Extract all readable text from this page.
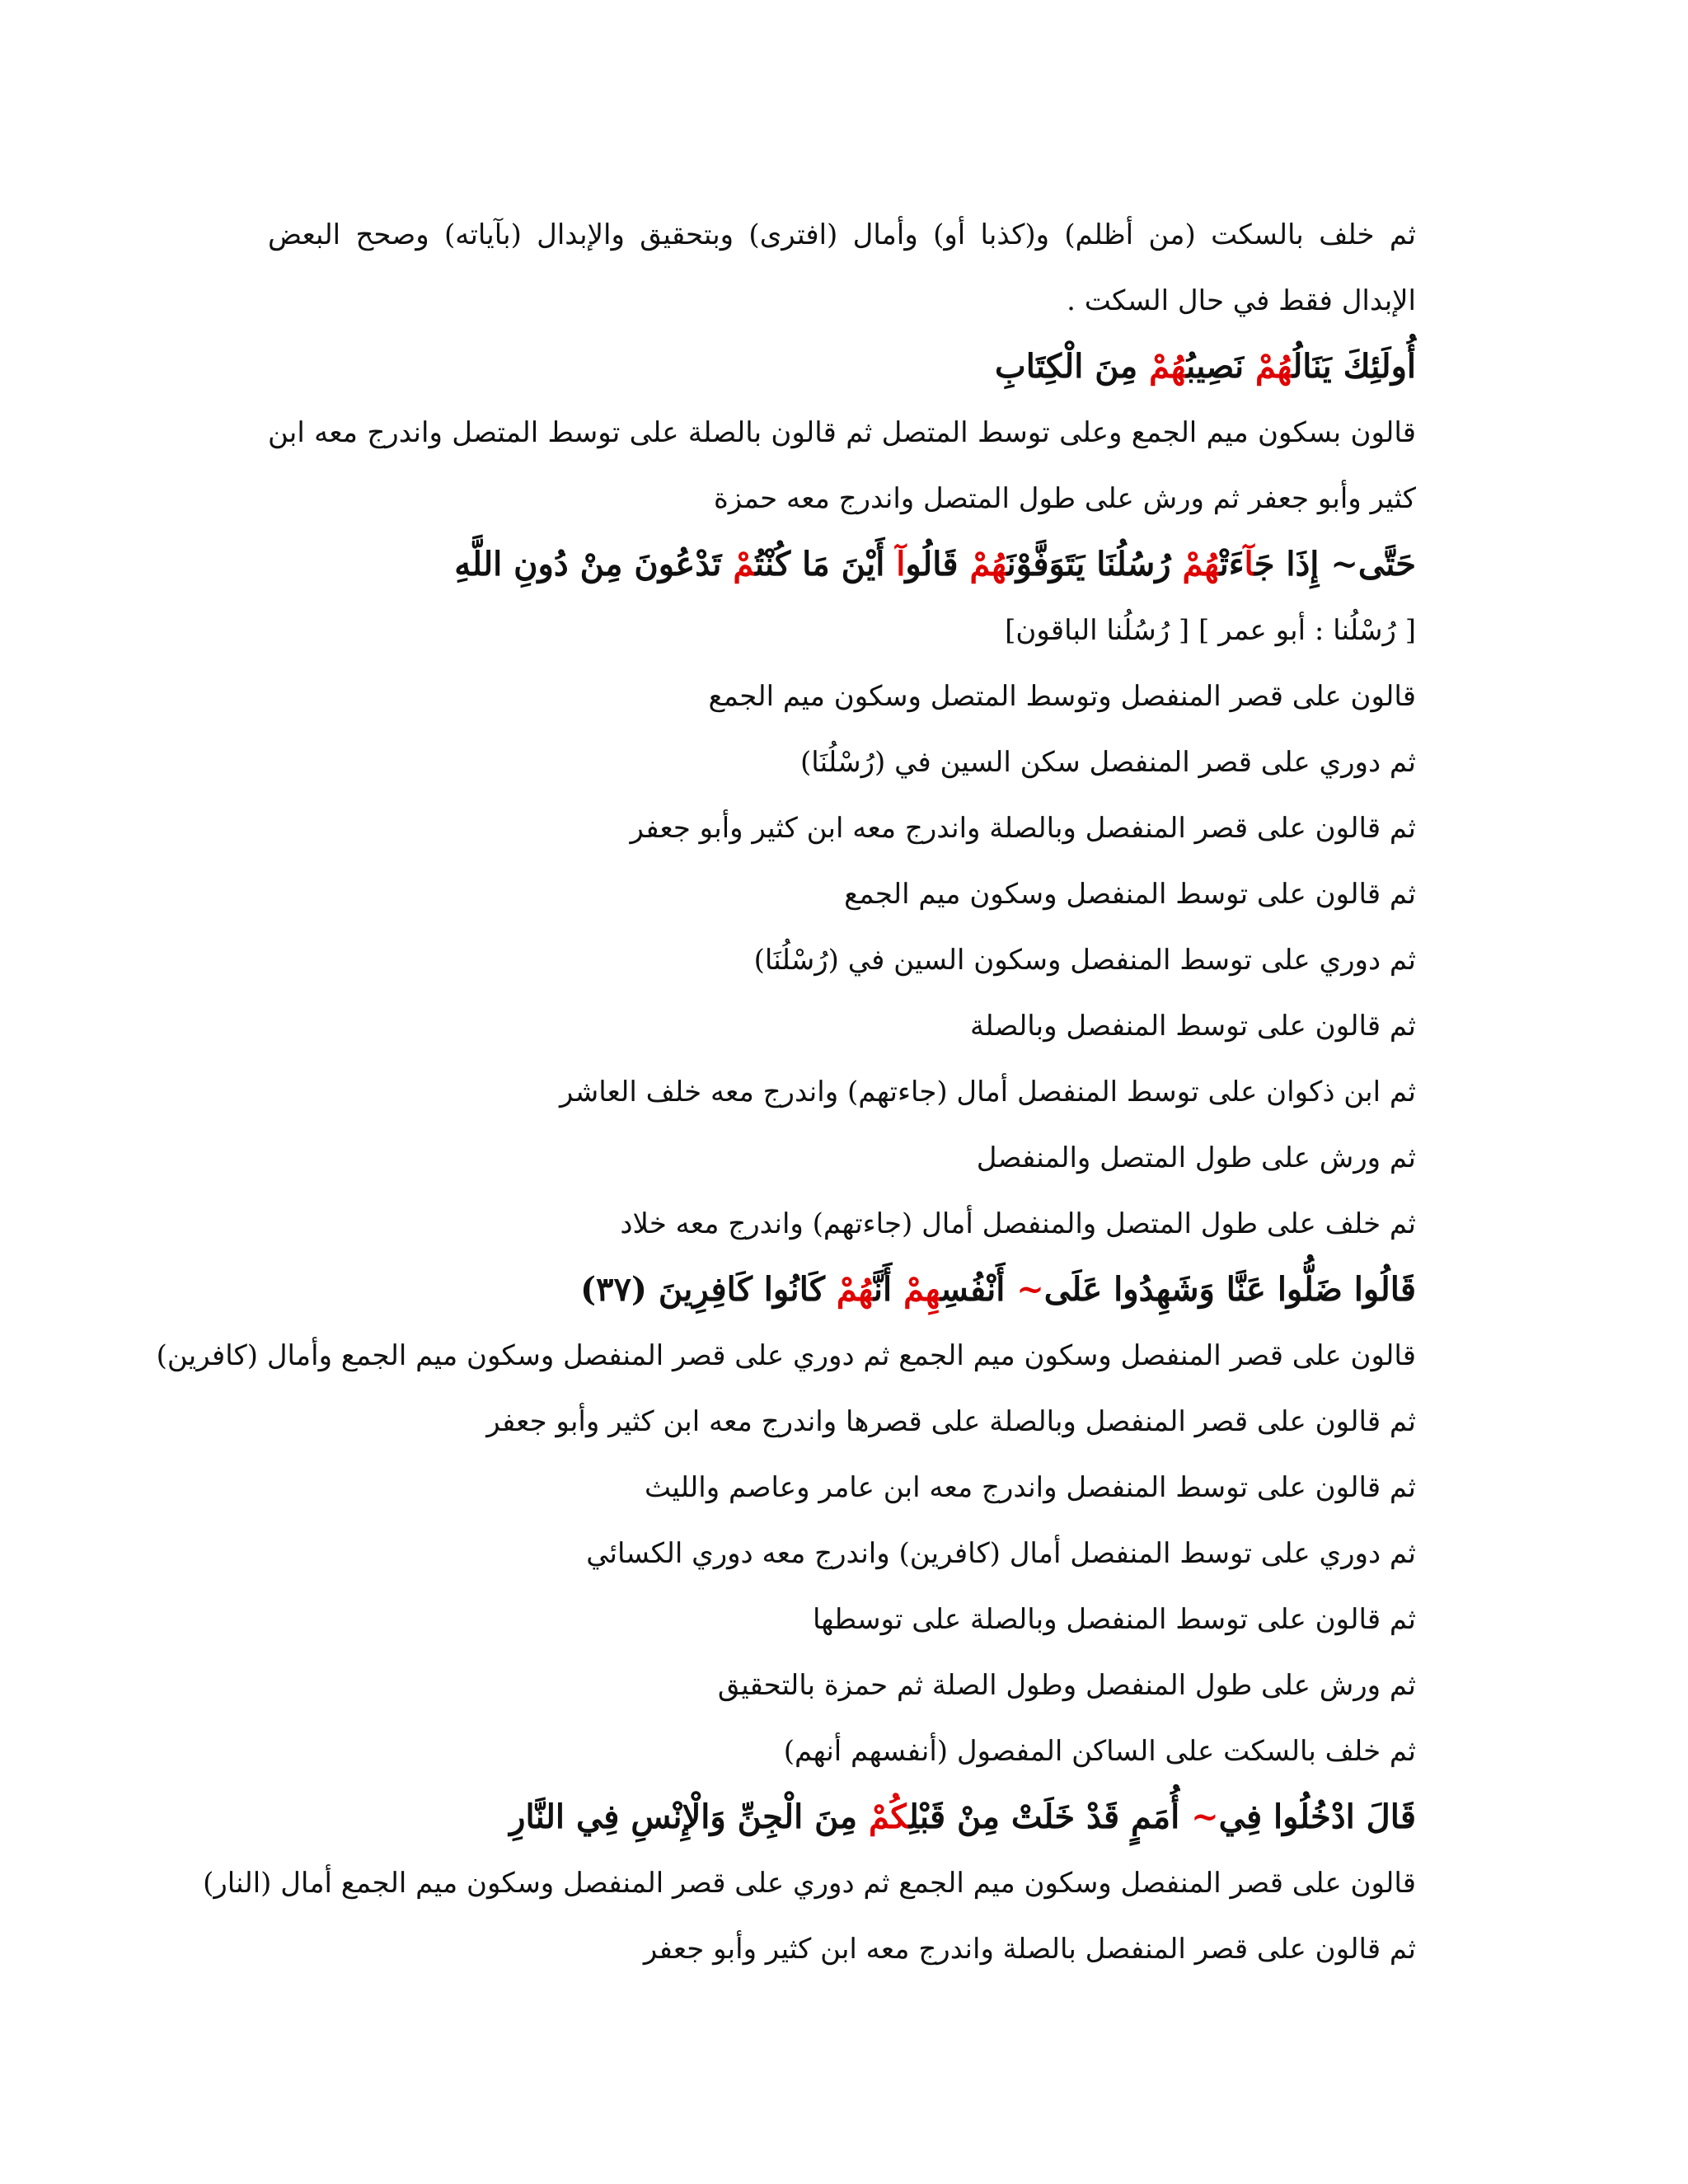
ثم خلف بالسكت (من أظلم) و(كذبا أو) وأمال (افترى) وبتحقيق والإبدال (بآياته) وصحح البعض الإبدال فقط في حال السكت .
أُولَئِكَ يَنَالُهُمْ نَصِيبُهُمْ مِنَ الْكِتَابِ
قالون بسكون ميم الجمع وعلى توسط المتصل ثم قالون بالصلة على توسط المتصل واندرج معه ابن كثير وأبو جعفر ثم ورش على طول المتصل واندرج معه حمزة
حَتَّى~ إِذَا جَآءَتْهُمْ رُسُلُنَا يَتَوَفَّوْنَهُمْ قَالُوآ أَيْنَ مَا كُنْتُمْ تَدْعُونَ مِنْ دُونِ اللَّهِ
[ رُسْلُنا : أبو عمر ] [ رُسُلُنا الباقون]
قالون على قصر المنفصل وتوسط المتصل وسكون ميم الجمع
ثم دوري على قصر المنفصل سكن السين في (رُسْلُنَا)
ثم قالون على قصر المنفصل وبالصلة واندرج معه ابن كثير وأبو جعفر
ثم قالون على توسط المنفصل وسكون ميم الجمع
ثم دوري على توسط المنفصل وسكون السين في (رُسْلُنَا)
ثم قالون على توسط المنفصل وبالصلة
ثم ابن ذكوان على توسط المنفصل أمال (جاءتهم) واندرج معه خلف العاشر
ثم ورش على طول المتصل والمنفصل
ثم خلف على طول المتصل والمنفصل أمال (جاءتهم) واندرج معه خلاد
قَالُوا ضَلُّوا عَنَّا وَشَهِدُوا عَلَى~ أَنْفُسِهِمْ أَنَّهُمْ كَانُوا كَافِرِينَ (٣٧)
قالون على قصر المنفصل وسكون ميم الجمع ثم دوري على قصر المنفصل وسكون ميم الجمع وأمال (كافرين)
ثم قالون على قصر المنفصل وبالصلة على قصرها واندرج معه ابن كثير وأبو جعفر
ثم قالون على توسط المنفصل واندرج معه ابن عامر وعاصم والليث
ثم دوري على توسط المنفصل أمال (كافرين) واندرج معه دوري الكسائي
ثم قالون على توسط المنفصل وبالصلة على توسطها
ثم ورش على طول المنفصل وطول الصلة ثم حمزة بالتحقيق
ثم خلف بالسكت على الساكن المفصول (أنفسهم أنهم)
قَالَ ادْخُلُوا فِي~ أُمَمٍ قَدْ خَلَتْ مِنْ قَبْلِكُمْ مِنَ الْجِنِّ وَالْإِنْسِ فِي النَّارِ
قالون على قصر المنفصل وسكون ميم الجمع ثم دوري على قصر المنفصل وسكون ميم الجمع أمال (النار)
ثم قالون على قصر المنفصل بالصلة واندرج معه ابن كثير وأبو جعفر
